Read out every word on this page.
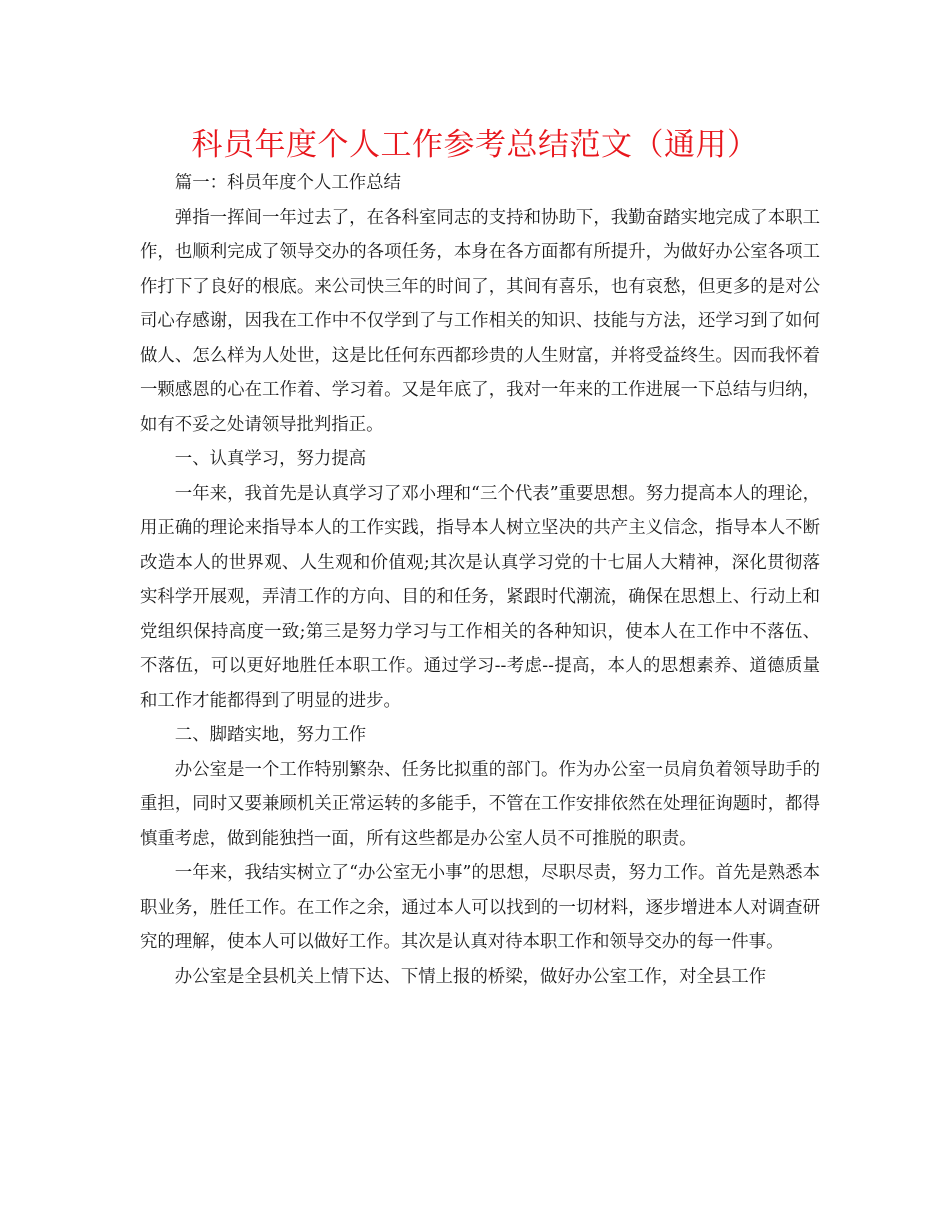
科员年度个人工作参考总结范文（通用）

篇一：科员年度个人工作总结

弹指一挥间一年过去了，在各科室同志的支持和协助下，我勤奋踏实地完成了本职工作，也顺利完成了领导交办的各项任务，本身在各方面都有所提升，为做好办公室各项工作打下了良好的根底。来公司快三年的时间了，其间有喜乐，也有哀愁，但更多的是对公司心存感谢，因我在工作中不仅学到了与工作相关的知识、技能与方法，还学习到了如何做人、怎么样为人处世，这是比任何东西都珍贵的人生财富，并将受益终生。因而我怀着一颗感恩的心在工作着、学习着。又是年底了，我对一年来的工作进展一下总结与归纳，如有不妥之处请领导批判指正。

一、认真学习，努力提高

一年来，我首先是认真学习了邓小理和“三个代表”重要思想。努力提高本人的理论，用正确的理论来指导本人的工作实践，指导本人树立坚决的共产主义信念，指导本人不断改造本人的世界观、人生观和价值观;其次是认真学习党的十七届人大精神，深化贯彻落实科学开展观，弄清工作的方向、目的和任务，紧跟时代潮流，确保在思想上、行动上和党组织保持高度一致;第三是努力学习与工作相关的各种知识，使本人在工作中不落伍、不落伍，可以更好地胜任本职工作。通过学习--考虑--提高，本人的思想素养、道德质量和工作才能都得到了明显的进步。

二、脚踏实地，努力工作

办公室是一个工作特别繁杂、任务比拟重的部门。作为办公室一员肩负着领导助手的重担，同时又要兼顾机关正常运转的多能手，不管在工作安排依然在处理征询题时，都得慎重考虑，做到能独挡一面，所有这些都是办公室人员不可推脱的职责。

一年来，我结实树立了“办公室无小事”的思想，尽职尽责，努力工作。首先是熟悉本职业务，胜任工作。在工作之余，通过本人可以找到的一切材料，逐步增进本人对调查研究的理解，使本人可以做好工作。其次是认真对待本职工作和领导交办的每一件事。

办公室是全县机关上情下达、下情上报的桥梁，做好办公室工作，对全县工作
